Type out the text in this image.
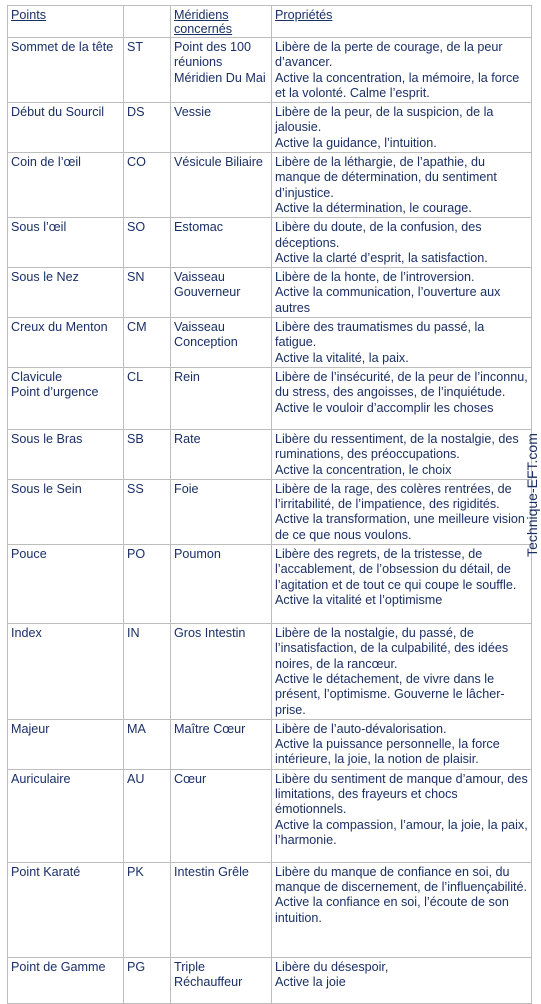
Points		Méridiens concernés	Propriétés

Sommet de la tête	ST	Point des 100 réunions Méridien Du Mai	Libère de la perte de courage, de la peur d’avancer.
Active la concentration, la mémoire, la force et la volonté. Calme l’esprit.

Début du Sourcil	DS	Vessie	Libère de la peur, de la suspicion, de la jalousie.
Active la guidance, l’intuition.

Coin de l’œil	CO	Vésicule Biliaire	Libère de la léthargie, de l’apathie, du manque de détermination, du sentiment d’injustice.
Active la détermination, le courage.

Sous l’œil	SO	Estomac	Libère du doute, de la confusion, des déceptions.
Active la clarté d’esprit, la satisfaction.

Sous le Nez	SN	Vaisseau Gouverneur	Libère de la honte, de l’introversion.
Active la communication, l’ouverture aux autres

Creux du Menton	CM	Vaisseau Conception	Libère des traumatismes du passé, la fatigue.
Active la vitalité, la paix.

Clavicule
Point d’urgence	CL	Rein	Libère de l’insécurité, de la peur de l’inconnu, du stress, des angoisses, de l’inquiétude.
Active le vouloir d’accomplir les choses

Sous le Bras	SB	Rate	Libère du ressentiment, de la nostalgie, des ruminations, des préoccupations.
Active la concentration, le choix

Sous le Sein	SS	Foie	Libère de la rage, des colères rentrées, de l’irritabilité, de l’impatience, des rigidités.
Active la transformation, une meilleure vision de ce que nous voulons.

Pouce	PO	Poumon	Libère des regrets, de la tristesse, de l’accablement, de l’obsession du détail, de l’agitation et de tout ce qui coupe le souffle.
Active la vitalité et l’optimisme

Index	IN	Gros Intestin	Libère de la nostalgie, du passé, de l’insatisfaction, de la culpabilité, des idées noires, de la rancœur.
Active le détachement, de vivre dans le présent, l’optimisme. Gouverne le lâcher-prise.

Majeur	MA	Maître Cœur	Libère de l’auto-dévalorisation.
Active la puissance personnelle, la force intérieure, la joie, la notion de plaisir.

Auriculaire	AU	Cœur	Libère du sentiment de manque d’amour, des limitations, des frayeurs et chocs émotionnels.
Active la compassion, l’amour, la joie, la paix, l’harmonie.

Point Karaté	PK	Intestin Grêle	Libère du manque de confiance en soi, du manque de discernement, de l’influençabilité.
Active la confiance en soi, l’écoute de son intuition.

Point de Gamme	PG	Triple Réchauffeur	Libère du désespoir,
Active la joie
Technique-EFT.com
